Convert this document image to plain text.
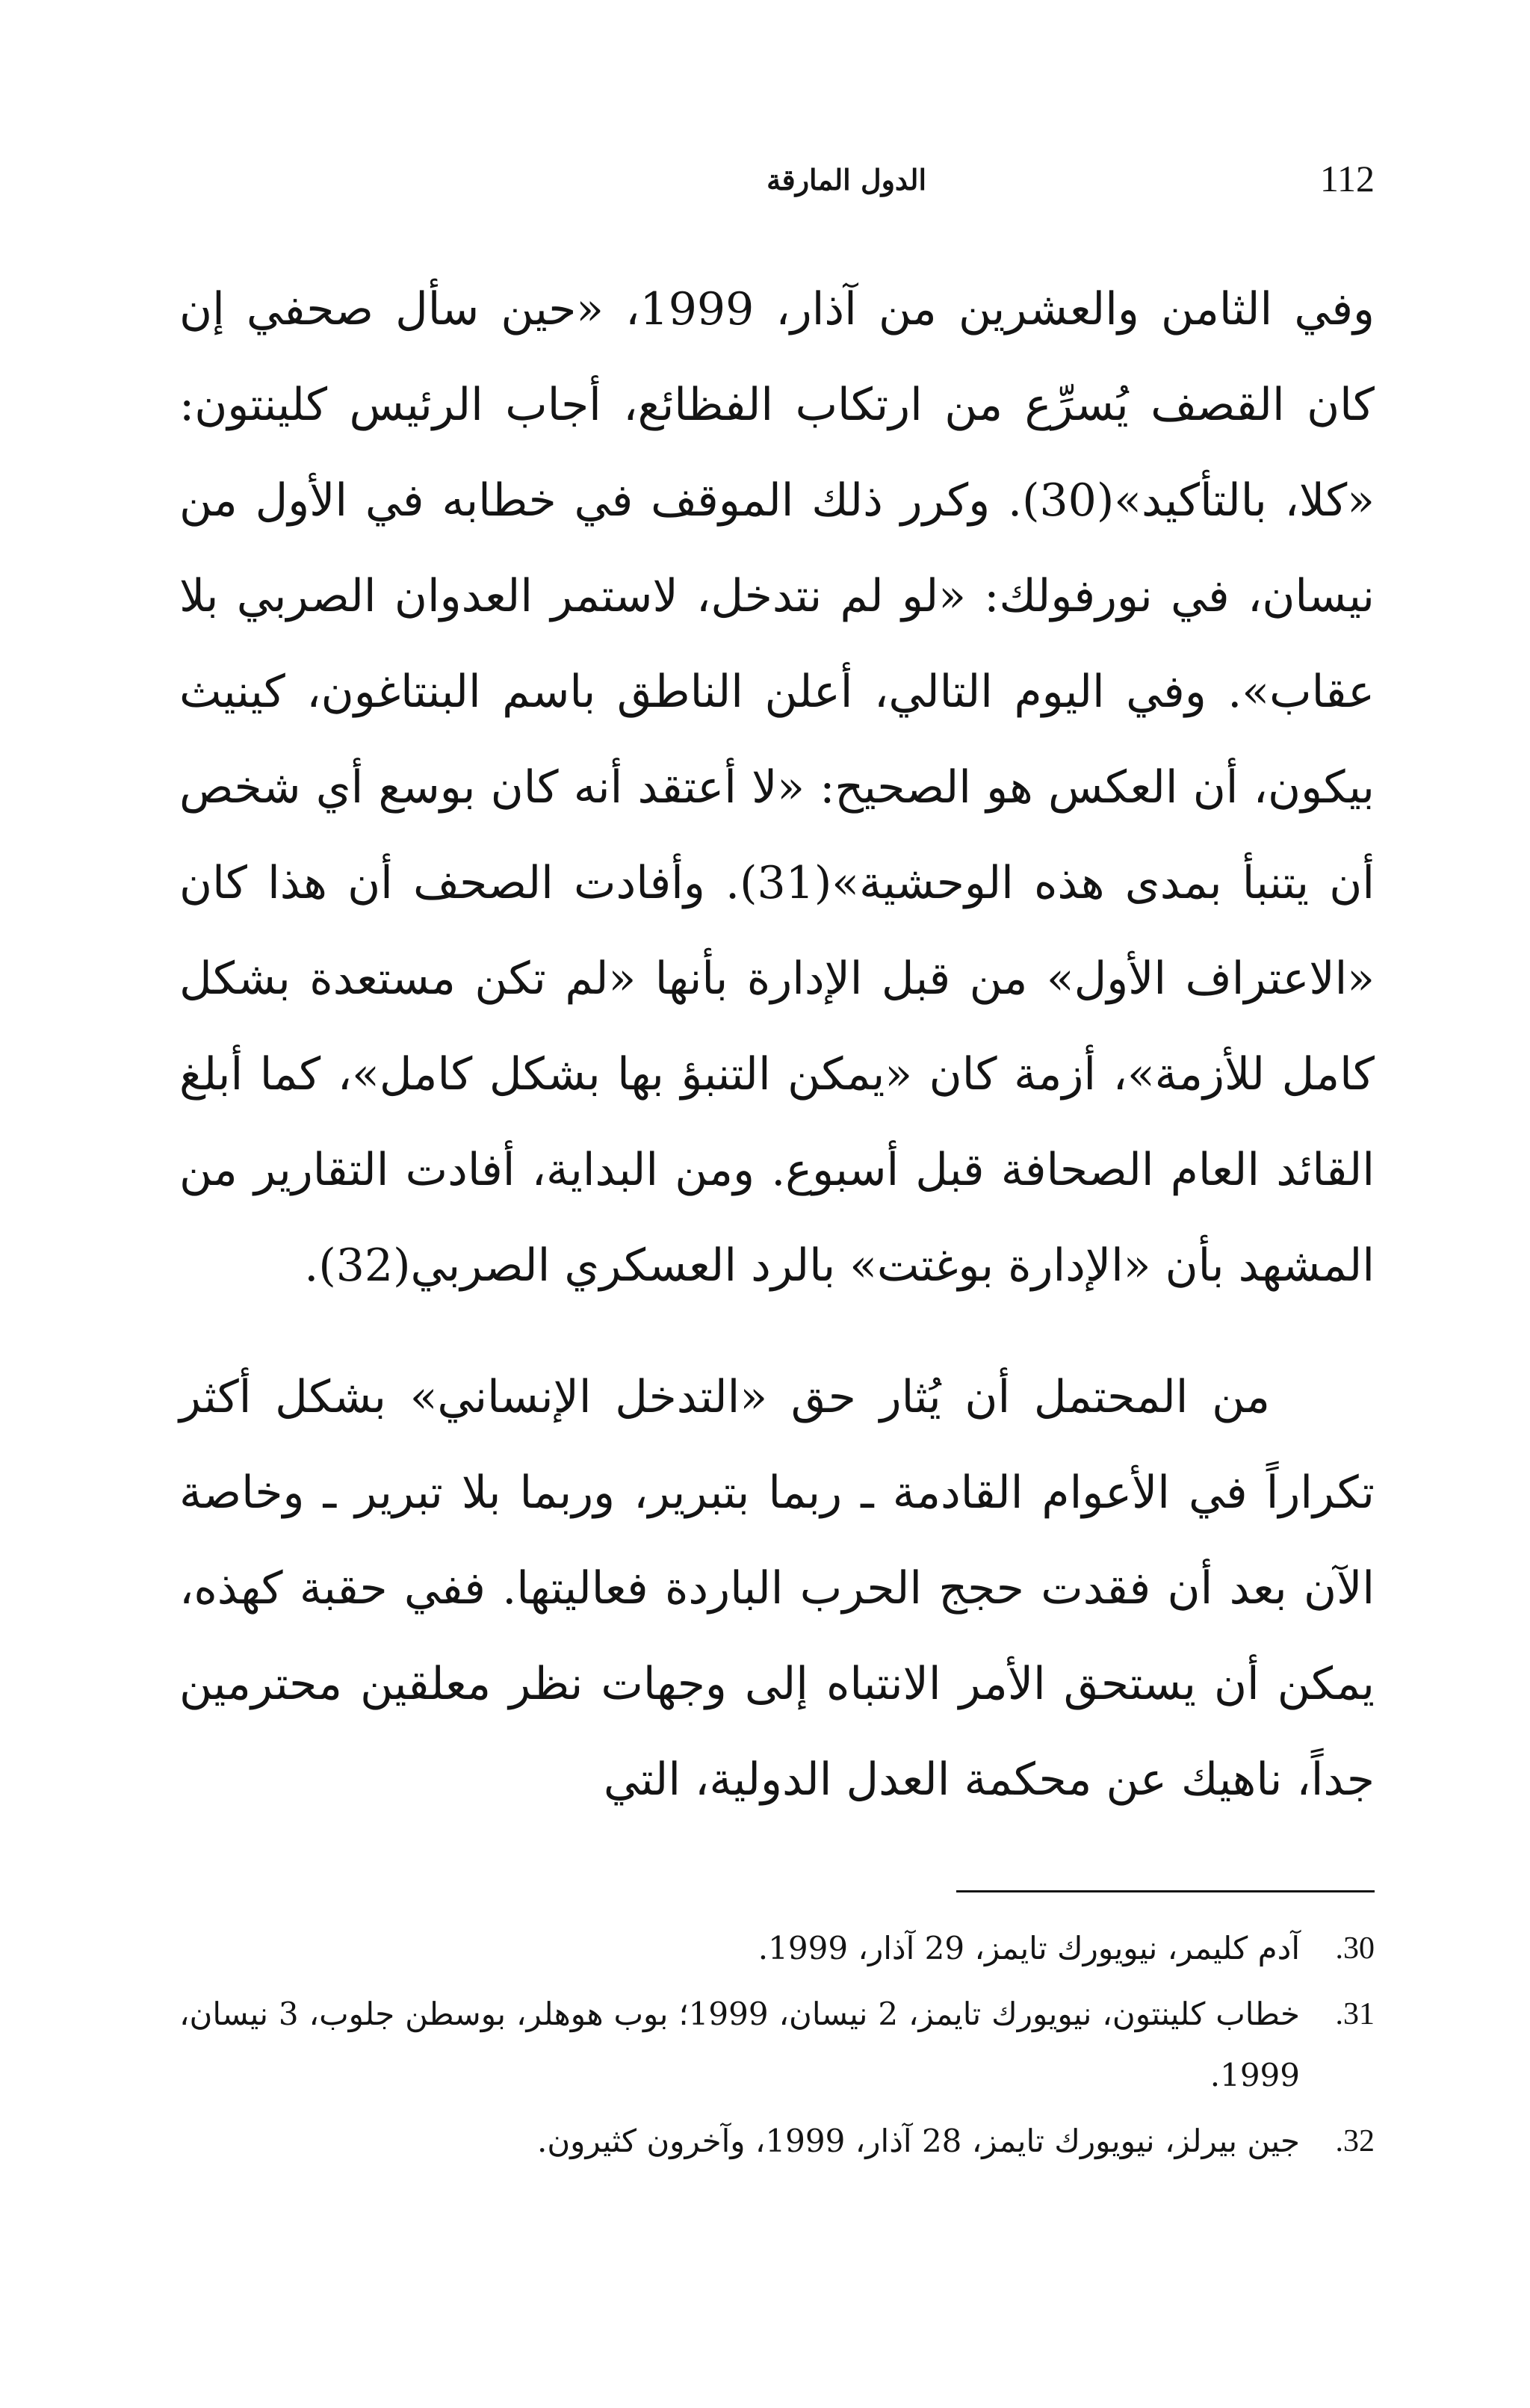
112
الدول المارقة

وفي الثامن والعشرين من آذار، 1999، «حين سأل صحفي إن كان القصف يُسرِّع من ارتكاب الفظائع، أجاب الرئيس كلينتون: «كلا، بالتأكيد»(30). وكرر ذلك الموقف في خطابه في الأول من نيسان، في نورفولك: «لو لم نتدخل، لاستمر العدوان الصربي بلا عقاب». وفي اليوم التالي، أعلن الناطق باسم البنتاغون، كينيث بيكون، أن العكس هو الصحيح: «لا أعتقد أنه كان بوسع أي شخص أن يتنبأ بمدى هذه الوحشية»(31). وأفادت الصحف أن هذا كان «الاعتراف الأول» من قبل الإدارة بأنها «لم تكن مستعدة بشكل كامل للأزمة»، أزمة كان «يمكن التنبؤ بها بشكل كامل»، كما أبلغ القائد العام الصحافة قبل أسبوع. ومن البداية، أفادت التقارير من المشهد بأن «الإدارة بوغتت» بالرد العسكري الصربي(32).

من المحتمل أن يُثار حق «التدخل الإنساني» بشكل أكثر تكراراً في الأعوام القادمة ـ ربما بتبرير، وربما بلا تبرير ـ وخاصة الآن بعد أن فقدت حجج الحرب الباردة فعاليتها. ففي حقبة كهذه، يمكن أن يستحق الأمر الانتباه إلى وجهات نظر معلقين محترمين جداً، ناهيك عن محكمة العدل الدولية، التي

30.
آدم كليمر، نيويورك تايمز، 29 آذار، 1999.
31.
خطاب كلينتون، نيويورك تايمز، 2 نيسان، 1999؛ بوب هوهلر، بوسطن جلوب، 3 نيسان، 1999.
32.
جين بيرلز، نيويورك تايمز، 28 آذار، 1999، وآخرون كثيرون.
